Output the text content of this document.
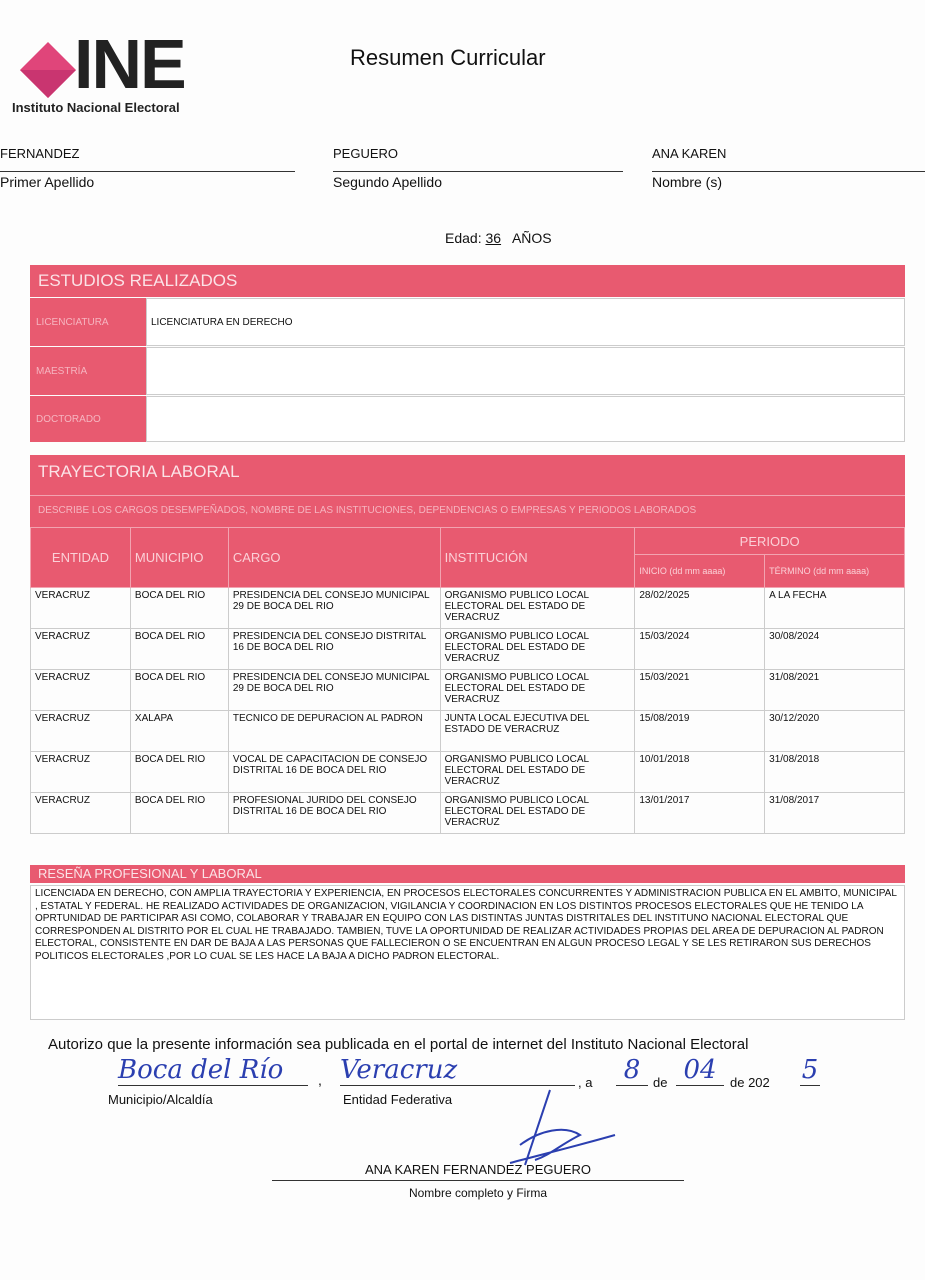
INE
Instituto Nacional Electoral
Resumen Curricular
FERNANDEZ
Primer Apellido
PEGUERO
Segundo Apellido
ANA KAREN
Nombre (s)
Edad: 36 AÑOS
ESTUDIOS REALIZADOS
LICENCIATURA	LICENCIATURA EN DERECHO
MAESTRÍA
DOCTORADO
TRAYECTORIA LABORAL
DESCRIBE LOS CARGOS DESEMPEÑADOS, NOMBRE DE LAS INSTITUCIONES, DEPENDENCIAS O EMPRESAS Y PERIODOS LABORADOS
ENTIDAD	MUNICIPIO	CARGO	INSTITUCIÓN	PERIODO	
				INICIO (dd mm aaaa)	TÉRMINO (dd mm aaaa)
VERACRUZ	BOCA DEL RIO	PRESIDENCIA DEL CONSEJO MUNICIPAL 29 DE BOCA DEL RIO	ORGANISMO PUBLICO LOCAL ELECTORAL DEL ESTADO DE VERACRUZ	28/02/2025	A LA FECHA
VERACRUZ	BOCA DEL RIO	PRESIDENCIA DEL CONSEJO DISTRITAL 16 DE BOCA DEL RIO	ORGANISMO PUBLICO LOCAL ELECTORAL DEL ESTADO DE VERACRUZ	15/03/2024	30/08/2024
VERACRUZ	BOCA DEL RIO	PRESIDENCIA DEL CONSEJO MUNICIPAL 29 DE BOCA DEL RIO	ORGANISMO PUBLICO LOCAL ELECTORAL DEL ESTADO DE VERACRUZ	15/03/2021	31/08/2021
VERACRUZ	XALAPA	TECNICO DE DEPURACION AL PADRON	JUNTA LOCAL EJECUTIVA DEL ESTADO DE VERACRUZ	15/08/2019	30/12/2020
VERACRUZ	BOCA DEL RIO	VOCAL DE CAPACITACION DE CONSEJO DISTRITAL 16 DE BOCA DEL RIO	ORGANISMO PUBLICO LOCAL ELECTORAL DEL ESTADO DE VERACRUZ	10/01/2018	31/08/2018
VERACRUZ	BOCA DEL RIO	PROFESIONAL JURIDO DEL CONSEJO DISTRITAL 16 DE BOCA DEL RIO	ORGANISMO PUBLICO LOCAL ELECTORAL DEL ESTADO DE VERACRUZ	13/01/2017	31/08/2017
RESEÑA PROFESIONAL Y LABORAL
LICENCIADA EN DERECHO, CON AMPLIA TRAYECTORIA Y EXPERIENCIA, EN PROCESOS ELECTORALES CONCURRENTES Y ADMINISTRACION PUBLICA EN EL AMBITO, MUNICIPAL , ESTATAL Y FEDERAL. HE REALIZADO ACTIVIDADES DE ORGANIZACION, VIGILANCIA Y COORDINACION EN LOS DISTINTOS PROCESOS ELECTORALES QUE HE TENIDO LA OPRTUNIDAD DE PARTICIPAR ASI COMO, COLABORAR Y TRABAJAR EN EQUIPO CON LAS DISTINTAS JUNTAS DISTRITALES DEL INSTITUNO NACIONAL ELECTORAL QUE CORRESPONDEN AL DISTRITO POR EL CUAL HE TRABAJADO. TAMBIEN, TUVE LA OPORTUNIDAD DE REALIZAR ACTIVIDADES PROPIAS DEL AREA DE DEPURACION AL PADRON ELECTORAL, CONSISTENTE EN DAR DE BAJA A LAS PERSONAS QUE FALLECIERON O SE ENCUENTRAN EN ALGUN PROCESO LEGAL Y SE LES RETIRARON SUS DERECHOS POLITICOS ELECTORALES ,POR LO CUAL SE LES HACE LA BAJA A DICHO PADRON ELECTORAL.
Autorizo que la presente información sea publicada en el portal de internet del Instituto Nacional Electoral
Boca del Río
Municipio/Alcaldía
, Veracruz
Entidad Federativa
, a 8 de 04	de 202 5
ANA KAREN FERNANDEZ PEGUERO
Nombre completo y Firma
